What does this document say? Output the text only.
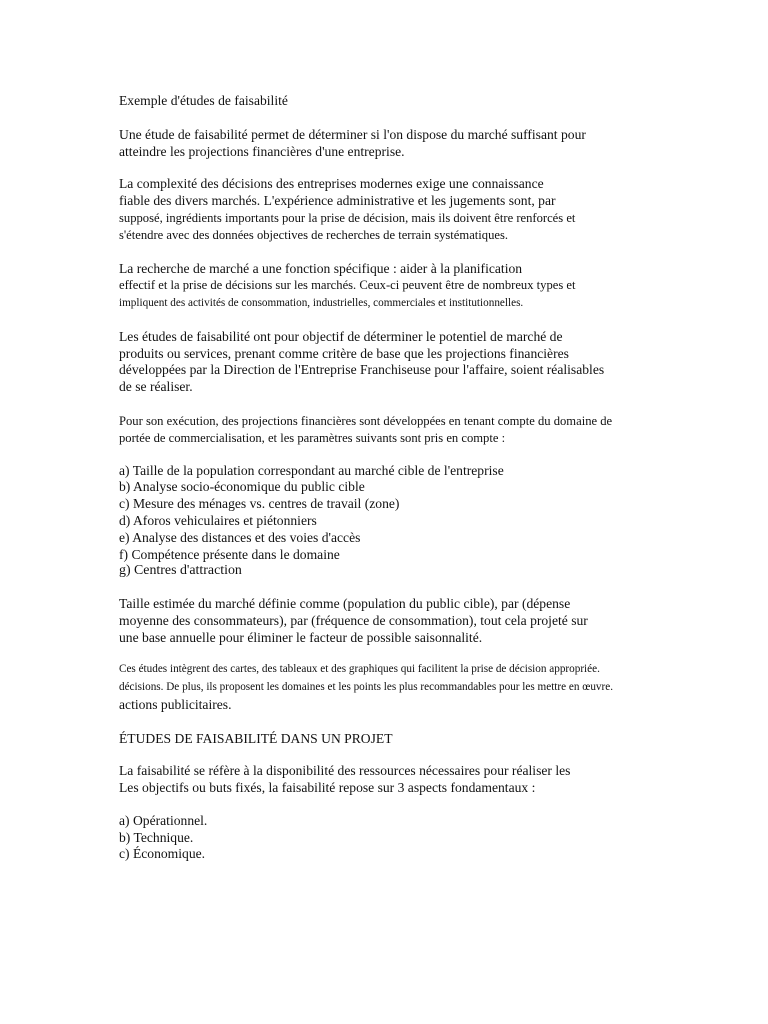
Exemple d'études de faisabilité
Une étude de faisabilité permet de déterminer si l'on dispose du marché suffisant pour
atteindre les projections financières d'une entreprise.
La complexité des décisions des entreprises modernes exige une connaissance
fiable des divers marchés. L'expérience administrative et les jugements sont, par
supposé, ingrédients importants pour la prise de décision, mais ils doivent être renforcés et
s'étendre avec des données objectives de recherches de terrain systématiques.
La recherche de marché a une fonction spécifique : aider à la planification
effectif et la prise de décisions sur les marchés. Ceux-ci peuvent être de nombreux types et
impliquent des activités de consommation, industrielles, commerciales et institutionnelles.
Les études de faisabilité ont pour objectif de déterminer le potentiel de marché de
produits ou services, prenant comme critère de base que les projections financières
développées par la Direction de l'Entreprise Franchiseuse pour l'affaire, soient réalisables
de se réaliser.
Pour son exécution, des projections financières sont développées en tenant compte du domaine de
portée de commercialisation, et les paramètres suivants sont pris en compte :
a) Taille de la population correspondant au marché cible de l'entreprise
b) Analyse socio-économique du public cible
c) Mesure des ménages vs. centres de travail (zone)
d) Aforos vehiculaires et piétonniers
e) Analyse des distances et des voies d'accès
f) Compétence présente dans le domaine
g) Centres d'attraction
Taille estimée du marché définie comme (population du public cible), par (dépense
moyenne des consommateurs), par (fréquence de consommation), tout cela projeté sur
une base annuelle pour éliminer le facteur de possible saisonnalité.
Ces études intègrent des cartes, des tableaux et des graphiques qui facilitent la prise de décision appropriée.
décisions. De plus, ils proposent les domaines et les points les plus recommandables pour les mettre en œuvre.
actions publicitaires.
ÉTUDES DE FAISABILITÉ DANS UN PROJET
La faisabilité se réfère à la disponibilité des ressources nécessaires pour réaliser les
Les objectifs ou buts fixés, la faisabilité repose sur 3 aspects fondamentaux :
a) Opérationnel.
b) Technique.
c) Économique.
